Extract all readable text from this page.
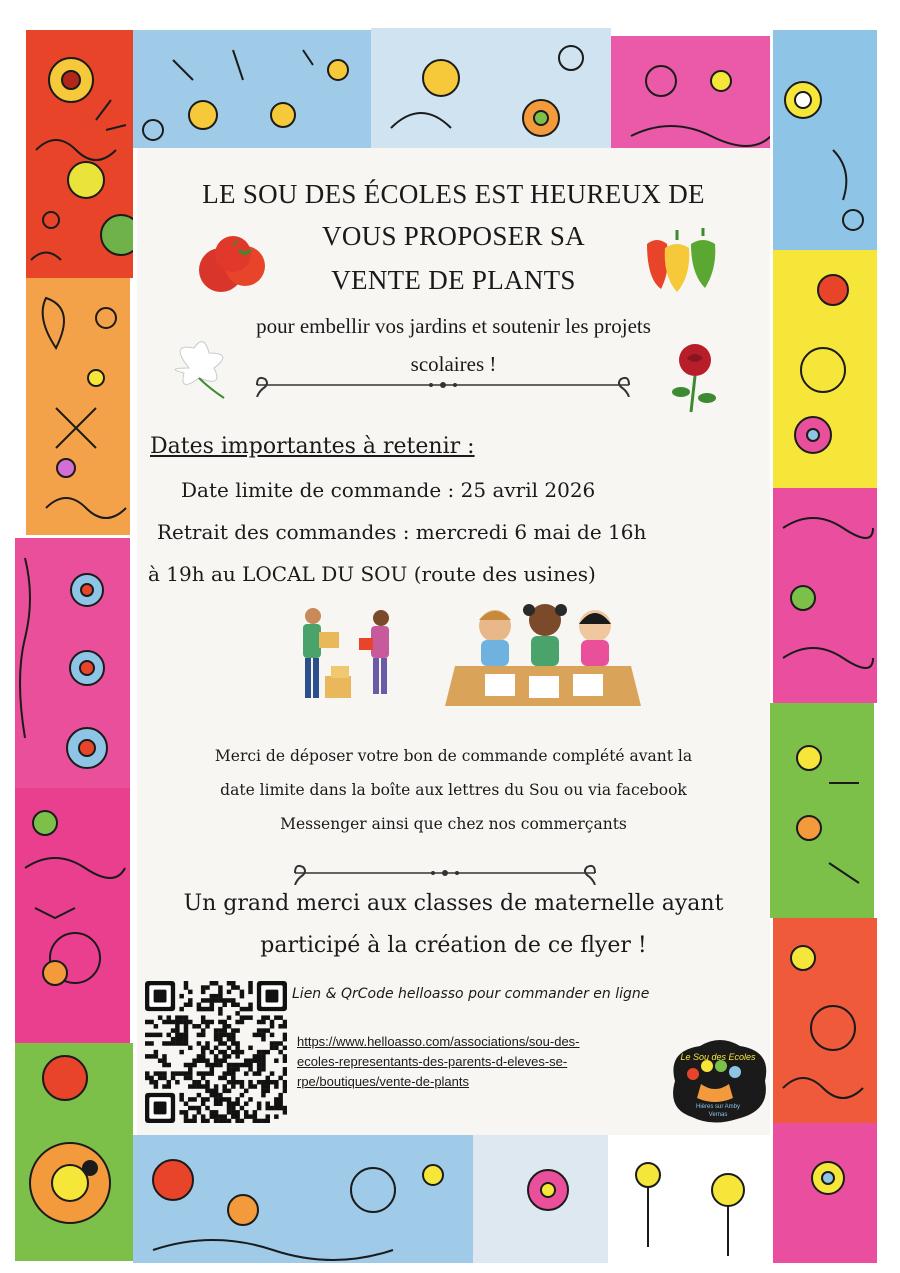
LE SOU DES ÉCOLES EST HEUREUX DE
VOUS PROPOSER SA
VENTE DE PLANTS
pour embellir vos jardins et soutenir les projets
scolaires !
Dates importantes à retenir :
Date limite de commande : 25 avril 2026
Retrait des commandes : mercredi 6 mai de 16h
à 19h au LOCAL DU SOU (route des usines)
Merci de déposer votre bon de commande complété avant la
date limite dans la boîte aux lettres du Sou ou via facebook
Messenger ainsi que chez nos commerçants
Un grand merci aux classes de maternelle ayant
participé à la création de ce flyer !
Lien & QrCode helloasso pour commander en ligne
https://www.helloasso.com/associations/sou-des-
ecoles-representants-des-parents-d-eleves-se-
rpe/boutiques/vente-de-plants
Le Sou des Ecoles
Hières sur Amby
Vernas
